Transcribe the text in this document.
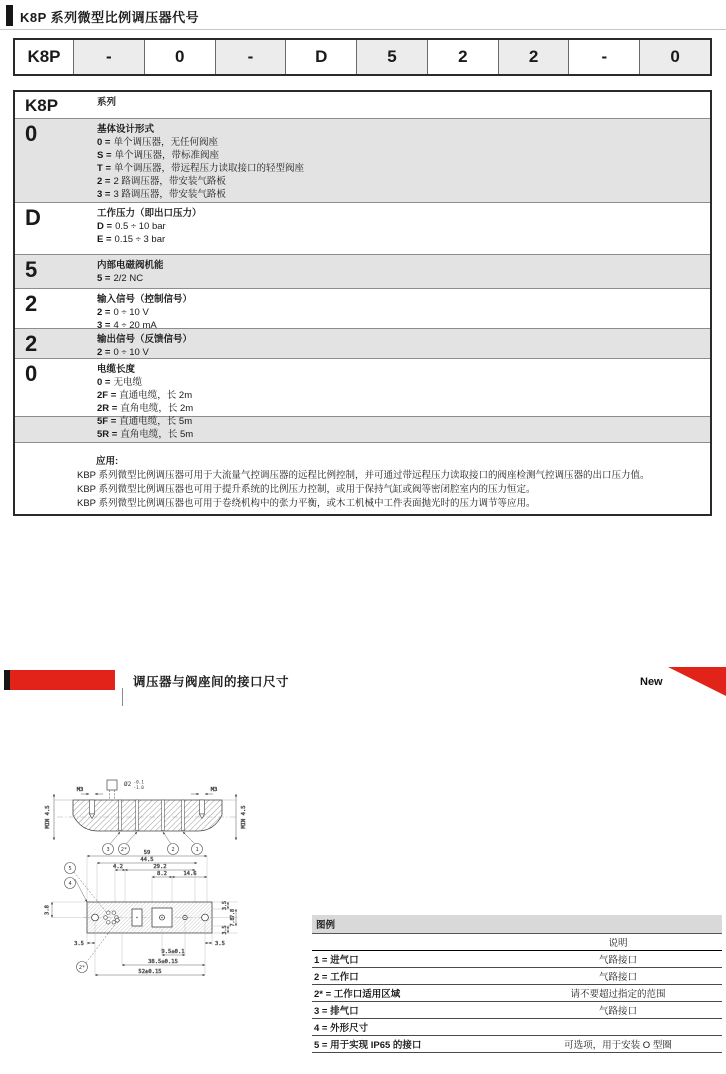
K8P 系列微型比例调压器代号
K8P	-	0	-	D	5	2	2	-	0
K8P	系列
0	基体设计形式
0 = 单个调压器，无任何阀座
S = 单个调压器，带标准阀座
T = 单个调压器，带远程压力读取接口的轻型阀座
2 = 2 路调压器，带安装气路板
3 = 3 路调压器，带安装气路板
D	工作压力（即出口压力）
D = 0.5 ÷ 10 bar
E = 0.15 ÷ 3 bar
5	内部电磁阀机能
5 = 2/2 NC
2	输入信号（控制信号）
2 = 0 ÷ 10 V
3 = 4 ÷ 20 mA
2	输出信号（反馈信号）
2 = 0 ÷ 10 V
0	电缆长度
0 = 无电缆
2F = 直通电缆，长 2m
2R = 直角电缆，长 2m
5F = 直通电缆，长 5m
5R = 直角电缆，长 5m
应用:
KBP 系列微型比例调压器可用于大流量气控调压器的远程比例控制，并可通过带远程压力读取接口的阀座检测气控调压器的出口压力值。
KBP 系列微型比例调压器也可用于提升系统的比例压力控制，或用于保持气缸或阀等密闭腔室内的压力恒定。
KBP 系列微型比例调压器也可用于卷绕机构中的张力平衡，或木工机械中工件表面抛光时的压力调节等应用。
调压器与阀座间的接口尺寸	New
M3	M3
Ø2 -0.1
-1.0
MIN 4.5	MIN 4.5
3 2*	2	1
59
44.5
4.2	29.2
8.2	14.6
5
4
2*
3.8
3.5	3.5
9.5±0.1
38.5±0.15
52±0.15
3.5
7.8
7.8
3.5	图例
说明
1 = 进气口	气路接口
2 = 工作口	气路接口
2* = 工作口适用区域	请不要超过指定的范围
3 = 排气口	气路接口
4 = 外形尺寸
5 = 用于实现 IP65 的接口	可选项，用于安装 O 型圈
